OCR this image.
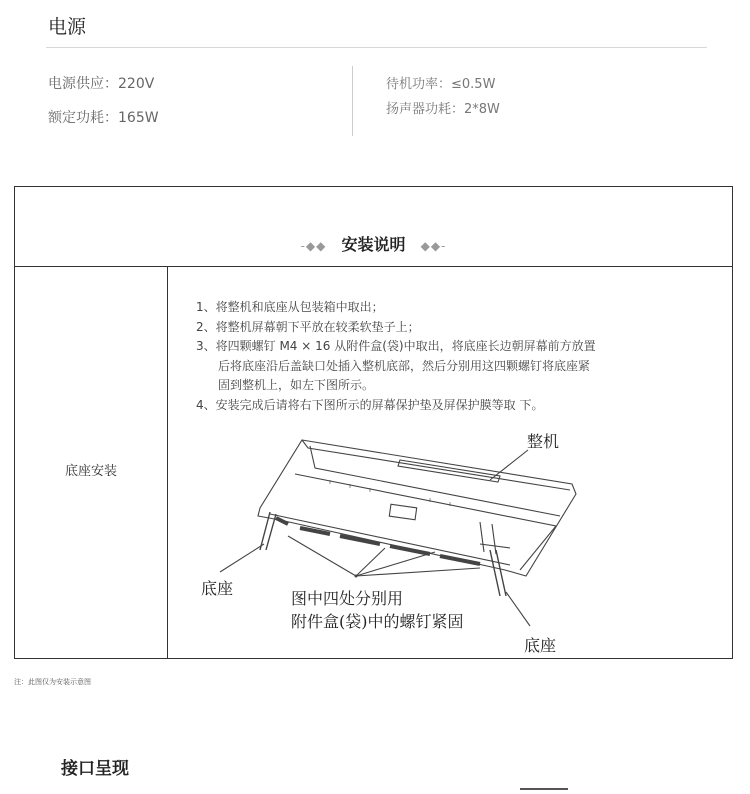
电源
电源供应：220V
额定功耗：165W
待机功率：≤0.5W
扬声器功耗：2*8W
-◆◆ 安装说明 ◆◆-
底座安装
1、将整机和底座从包装箱中取出；
2、将整机屏幕朝下平放在较柔软垫子上；
3、将四颗螺钉 M4 × 16 从附件盒(袋)中取出，将底座长边朝屏幕前方放置
后将底座沿后盖缺口处插入整机底部，然后分别用这四颗螺钉将底座紧
固到整机上，如左下图所示。
4、安装完成后请将右下图所示的屏幕保护垫及屏保护膜等取 下。
整机
底座
图中四处分别用
附件盒(袋)中的螺钉紧固
底座
注：此图仅为安装示意图
接口呈现
